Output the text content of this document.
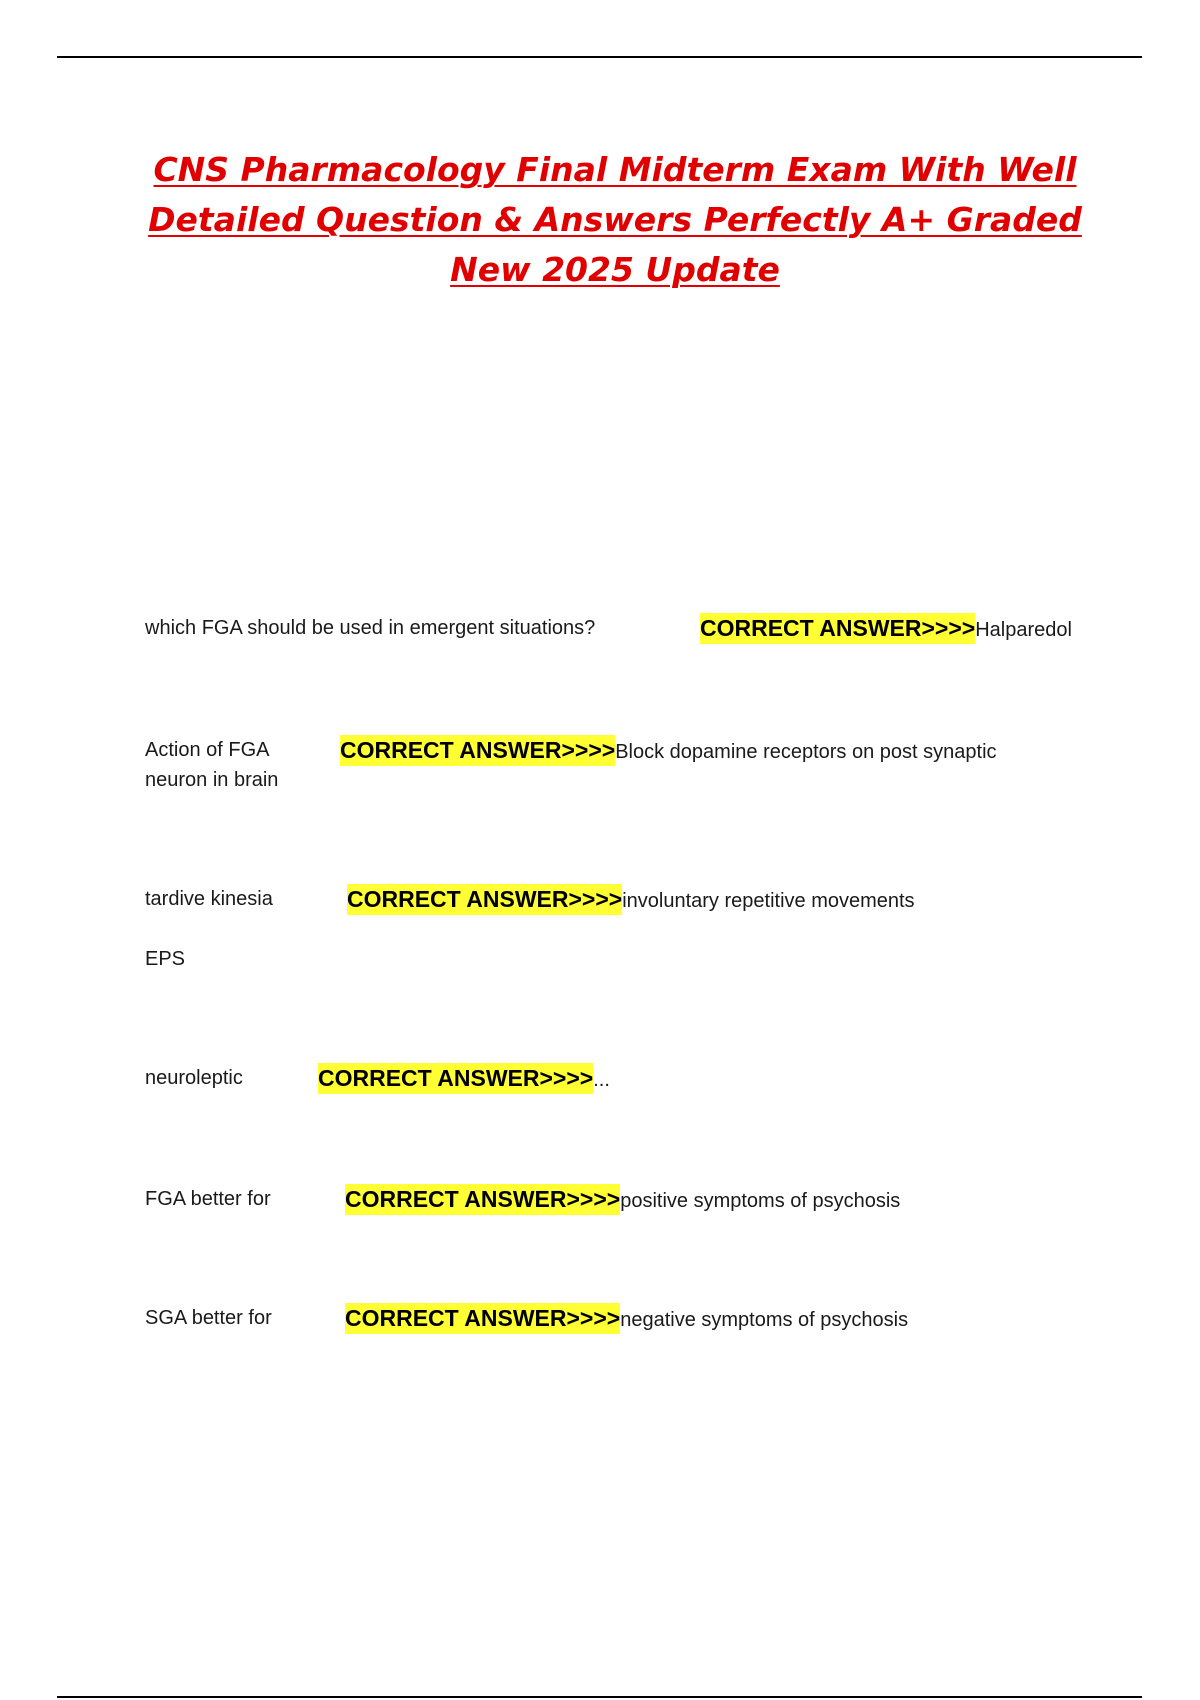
CNS Pharmacology Final Midterm Exam With Well Detailed Question & Answers Perfectly A+ Graded New 2025 Update
which FGA should be used in emergent situations?	CORRECT ANSWER>>>>Halparedol
Action of FGA neuron in brain
CORRECT ANSWER>>>>Block dopamine receptors on post synaptic
tardive kinesia	CORRECT ANSWER>>>>involuntary repetitive movements

EPS

neuroleptic	CORRECT ANSWER>>>>...
FGA better for	CORRECT ANSWER>>>>positive symptoms of psychosis
SGA better for	CORRECT ANSWER>>>>negative symptoms of psychosis
